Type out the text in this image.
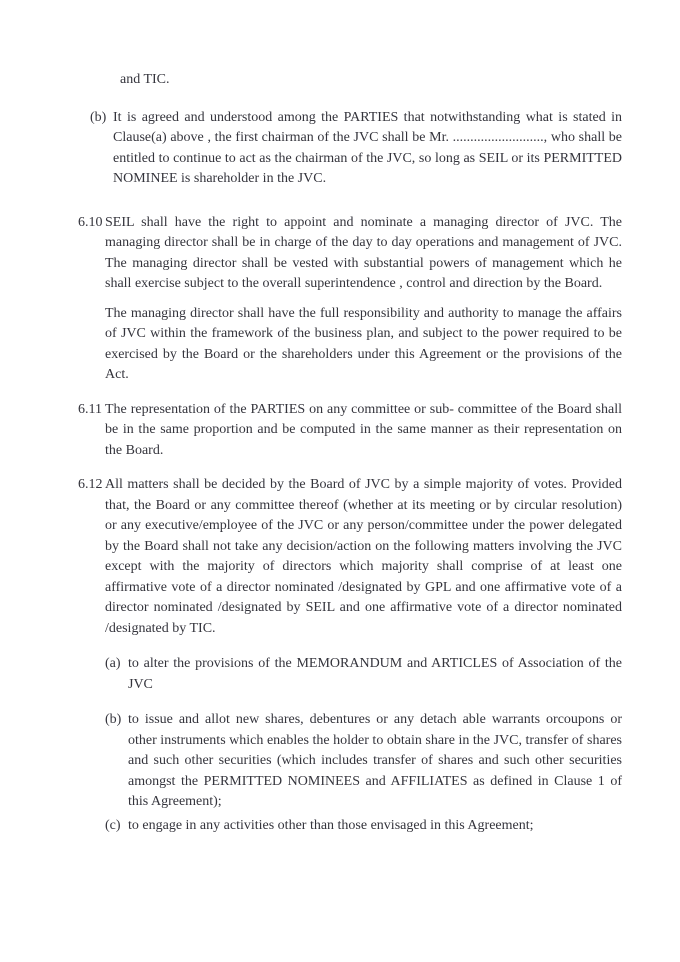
and TIC.

(b) It is agreed and understood among the PARTIES that notwithstanding what is stated in Clause(a) above , the first chairman of the JVC shall be Mr. .........................., who shall be entitled to continue to act as the chairman of the JVC, so long as SEIL or its PERMITTED NOMINEE is shareholder in the JVC.

6.10 SEIL shall have the right to appoint and nominate a managing director of JVC. The managing director shall be in charge of the day to day operations and management of JVC. The managing director shall be vested with substantial powers of management which he shall exercise subject to the overall superintendence , control and direction by the Board.

The managing director shall have the full responsibility and authority to manage the affairs of JVC within the framework of the business plan, and subject to the power required to be exercised by the Board or the shareholders under this Agreement or the provisions of the Act.

6.11 The representation of the PARTIES on any committee or sub- committee of the Board shall be in the same proportion and be computed in the same manner as their representation on the Board.

6.12 All matters shall be decided by the Board of JVC by a simple majority of votes. Provided that, the Board or any committee thereof (whether at its meeting or by circular resolution) or any executive/employee of the JVC or any person/committee under the power delegated by the Board shall not take any decision/action on the following matters involving the JVC except with the majority of directors which majority shall comprise of at least one affirmative vote of a director nominated /designated by GPL and one affirmative vote of a director nominated /designated by SEIL and one affirmative vote of a director nominated /designated by TIC.

(a) to alter the provisions of the MEMORANDUM and ARTICLES of Association of the JVC

(b) to issue and allot new shares, debentures or any detach able warrants orcoupons or other instruments which enables the holder to obtain share in the JVC, transfer of shares and such other securities (which includes transfer of shares and such other securities amongst the PERMITTED NOMINEES and AFFILIATES as defined in Clause 1 of this Agreement);

(c) to engage in any activities other than those envisaged in this Agreement;
